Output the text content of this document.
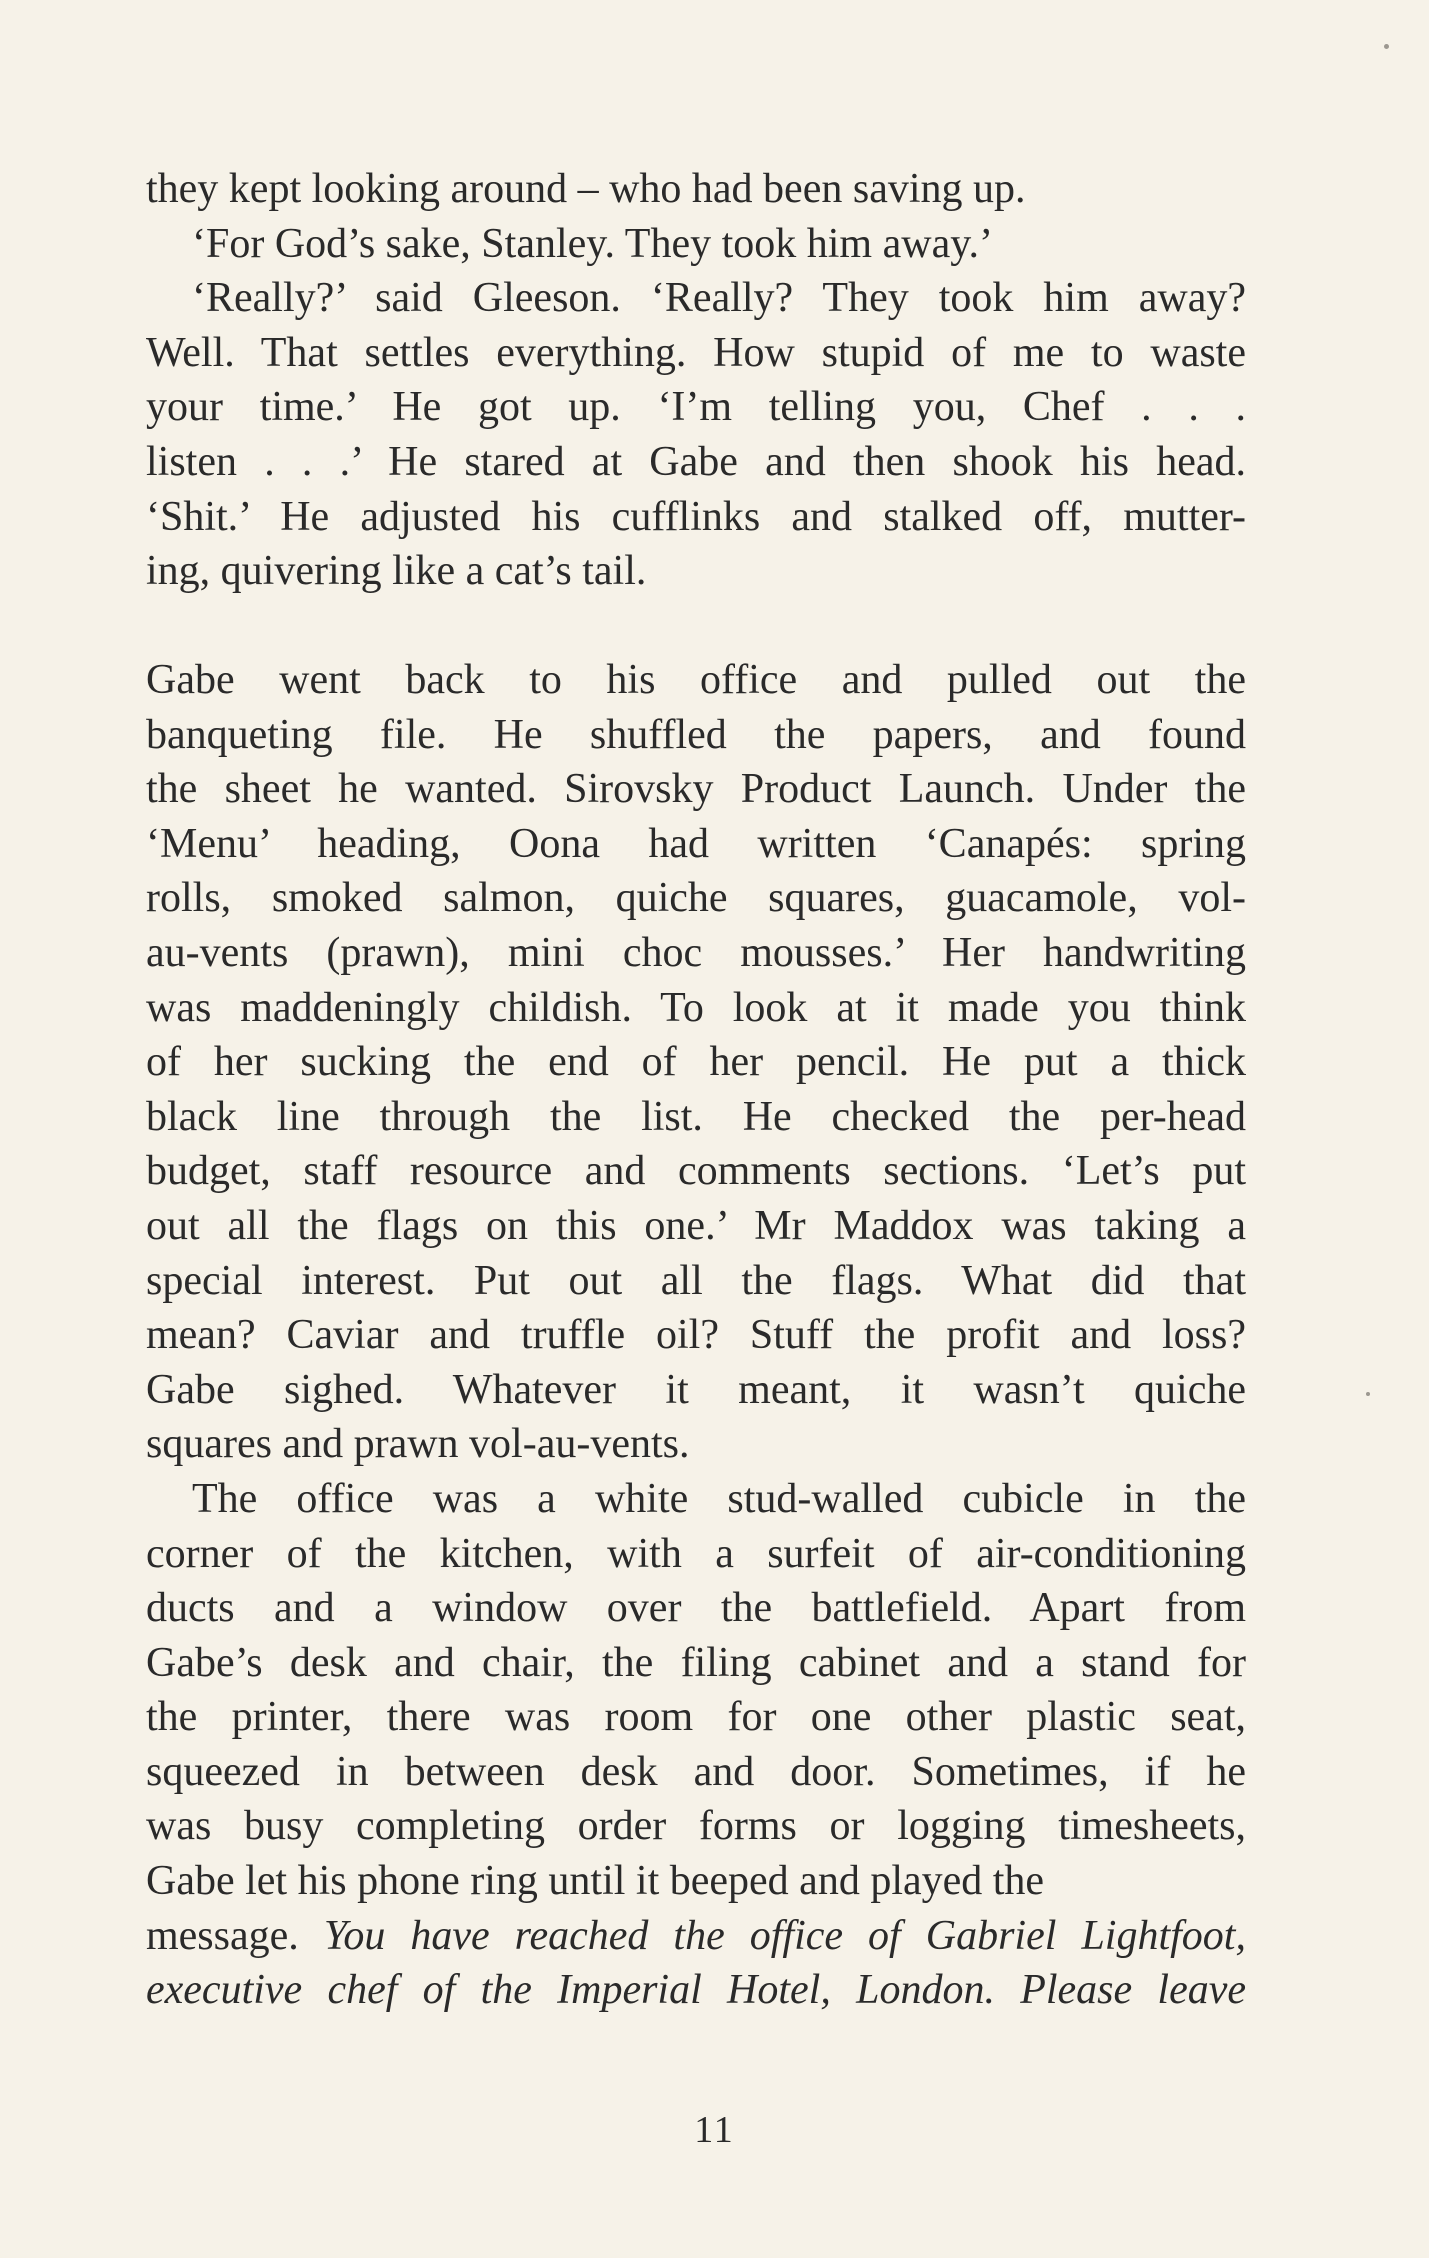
they kept looking around – who had been saving up.

‘For God’s sake, Stanley. They took him away.’

‘Really?’ said Gleeson. ‘Really? They took him away?
Well. That settles everything. How stupid of me to waste
your time.’ He got up. ‘I’m telling you, Chef . . .
listen . . .’ He stared at Gabe and then shook his head.
‘Shit.’ He adjusted his cufflinks and stalked off, mutter-
ing, quivering like a cat’s tail.

Gabe went back to his office and pulled out the
banqueting file. He shuffled the papers, and found
the sheet he wanted. Sirovsky Product Launch. Under the
‘Menu’ heading, Oona had written ‘Canapés: spring
rolls, smoked salmon, quiche squares, guacamole, vol-
au-vents (prawn), mini choc mousses.’ Her handwriting
was maddeningly childish. To look at it made you think
of her sucking the end of her pencil. He put a thick
black line through the list. He checked the per-head
budget, staff resource and comments sections. ‘Let’s put
out all the flags on this one.’ Mr Maddox was taking a
special interest. Put out all the flags. What did that
mean? Caviar and truffle oil? Stuff the profit and loss?
Gabe sighed. Whatever it meant, it wasn’t quiche
squares and prawn vol-au-vents.

The office was a white stud-walled cubicle in the
corner of the kitchen, with a surfeit of air-conditioning
ducts and a window over the battlefield. Apart from
Gabe’s desk and chair, the filing cabinet and a stand for
the printer, there was room for one other plastic seat,
squeezed in between desk and door. Sometimes, if he
was busy completing order forms or logging timesheets,
Gabe let his phone ring until it beeped and played the
message. You have reached the office of Gabriel Lightfoot,
executive chef of the Imperial Hotel, London. Please leave

11
